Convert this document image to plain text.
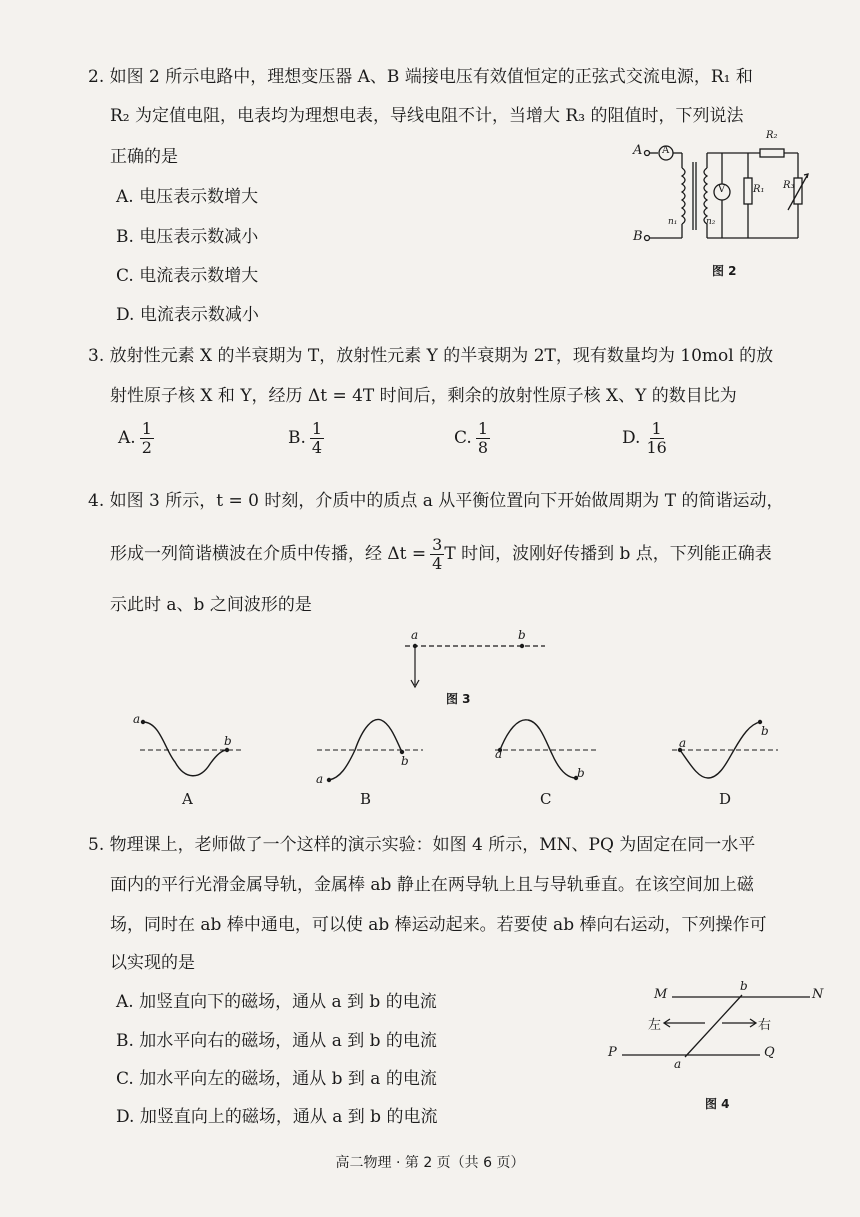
2. 如图 2 所示电路中，理想变压器 A、B 端接电压有效值恒定的正弦式交流电源，R₁ 和
R₂ 为定值电阻，电表均为理想电表，导线电阻不计，当增大 R₃ 的阻值时，下列说法
正确的是
A. 电压表示数增大
B. 电压表示数减小
C. 电流表示数增大
D. 电流表示数减小
A A
B
V
n₁	n₂
R₁
R₂
R₃
图 2
3. 放射性元素 X 的半衰期为 T，放射性元素 Y 的半衰期为 2T，现有数量均为 10mol 的放
射性原子核 X 和 Y，经历 Δt = 4T 时间后，剩余的放射性原子核 X、Y 的数目比为
A. $\frac{1}{2}$	B. $\frac{1}{4}$	C. $\frac{1}{8}$	D. $\frac{1}{16}$
4. 如图 3 所示，t = 0 时刻，介质中的质点 a 从平衡位置向下开始做周期为 T 的简谐运动，
形成一列简谐横波在介质中传播，经 $\Delta t = \frac{3}{4}$ T 时间，波刚好传播到 b 点，下列能正确表
示此时 a、b 之间波形的是
a	b
图 3
a
b
A
a
b
B
a
b
C
a
b
D
5. 物理课上，老师做了一个这样的演示实验：如图 4 所示，MN、PQ 为固定在同一水平
面内的平行光滑金属导轨，金属棒 ab 静止在两导轨上且与导轨垂直。在该空间加上磁
场，同时在 ab 棒中通电，可以使 ab 棒运动起来。若要使 ab 棒向右运动，下列操作可
以实现的是
A. 加竖直向下的磁场，通从 a 到 b 的电流
B. 加水平向右的磁场，通从 a 到 b 的电流
C. 加水平向左的磁场，通从 b 到 a 的电流
D. 加竖直向上的磁场，通从 a 到 b 的电流
M	N
P	Q
b
a
左	右
图 4
高二物理 · 第 2 页（共 6 页）
